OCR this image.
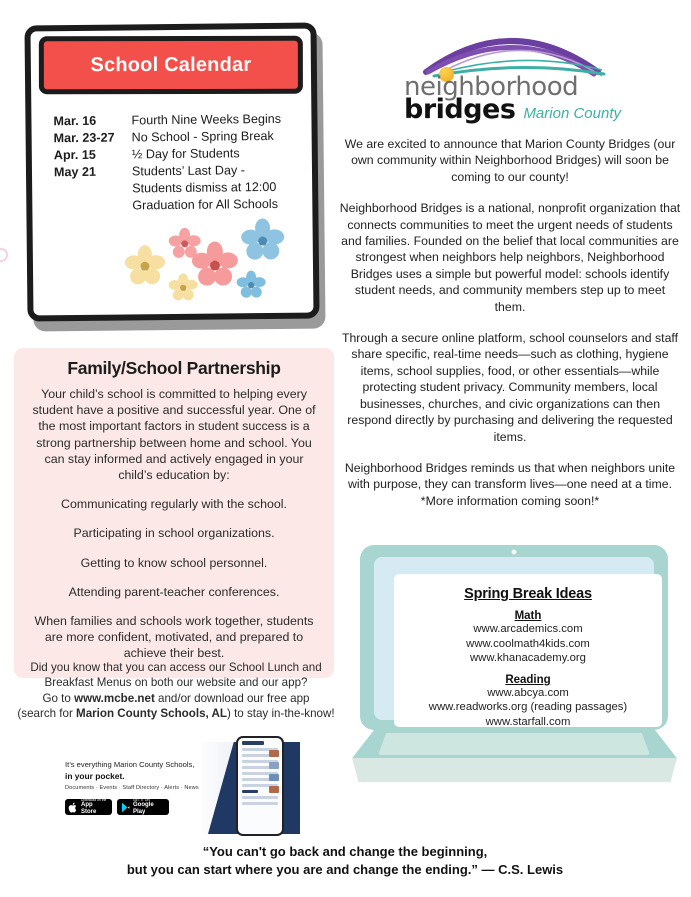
School Calendar
Mar. 16	Fourth Nine Weeks Begins
Mar. 23-27	No School - Spring Break
Apr. 15	½ Day for Students
May 21	Students’ Last Day -
Students dismiss at 12:00
Graduation for All Schools
neighborhood
bridges Marion County

We are excited to announce that Marion County Bridges (our own community within Neighborhood Bridges) will soon be coming to our county!

Neighborhood Bridges is a national, nonprofit organization that connects communities to meet the urgent needs of students and families. Founded on the belief that local communities are strongest when neighbors help neighbors, Neighborhood Bridges uses a simple but powerful model: schools identify student needs, and community members step up to meet them.

Through a secure online platform, school counselors and staff share specific, real-time needs—such as clothing, hygiene items, school supplies, food, or other essentials—while protecting student privacy. Community members, local businesses, churches, and civic organizations can then respond directly by purchasing and delivering the requested items.

Neighborhood Bridges reminds us that when neighbors unite with purpose, they can transform lives—one need at a time. *More information coming soon!*

Family/School Partnership
Your child’s school is committed to helping every student have a positive and successful year. One of the most important factors in student success is a strong partnership between home and school. You can stay informed and actively engaged in your child’s education by:
Communicating regularly with the school.
Participating in school organizations.
Getting to know school personnel.
Attending parent-teacher conferences.
When families and schools work together, students are more confident, motivated, and prepared to achieve their best.
Did you know that you can access our School Lunch and
Breakfast Menus on both our website and our app?
Go to www.mcbe.net and/or download our free app
(search for Marion County Schools, AL) to stay in-the-know!
It’s everything Marion County Schools,
in your pocket.
Documents · Events · Staff Directory · Alerts · News
Download on the
App Store
GET IT ON
Google Play
Spring Break Ideas
Math
www.arcademics.com
www.coolmath4kids.com
www.khanacademy.org
Reading
www.abcya.com
www.readworks.org (reading passages)
www.starfall.com
“You can't go back and change the beginning,
but you can start where you are and change the ending.” — C.S. Lewis
